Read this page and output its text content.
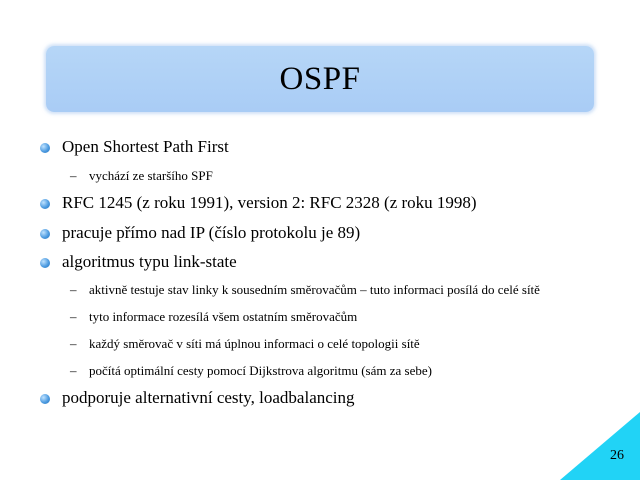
OSPF
Open Shortest Path First
– vychází ze staršího SPF
RFC 1245 (z roku 1991), version 2: RFC 2328 (z roku 1998)
pracuje přímo nad IP (číslo protokolu je 89)
algoritmus typu link-state
– aktivně testuje stav linky k sousedním směrovačům – tuto informaci posílá do celé sítě
– tyto informace rozesílá všem ostatním směrovačům
– každý směrovač v síti má úplnou informaci o celé topologii sítě
– počítá optimální cesty pomocí Dijkstrova algoritmu (sám za sebe)
podporuje alternativní cesty, loadbalancing
26
